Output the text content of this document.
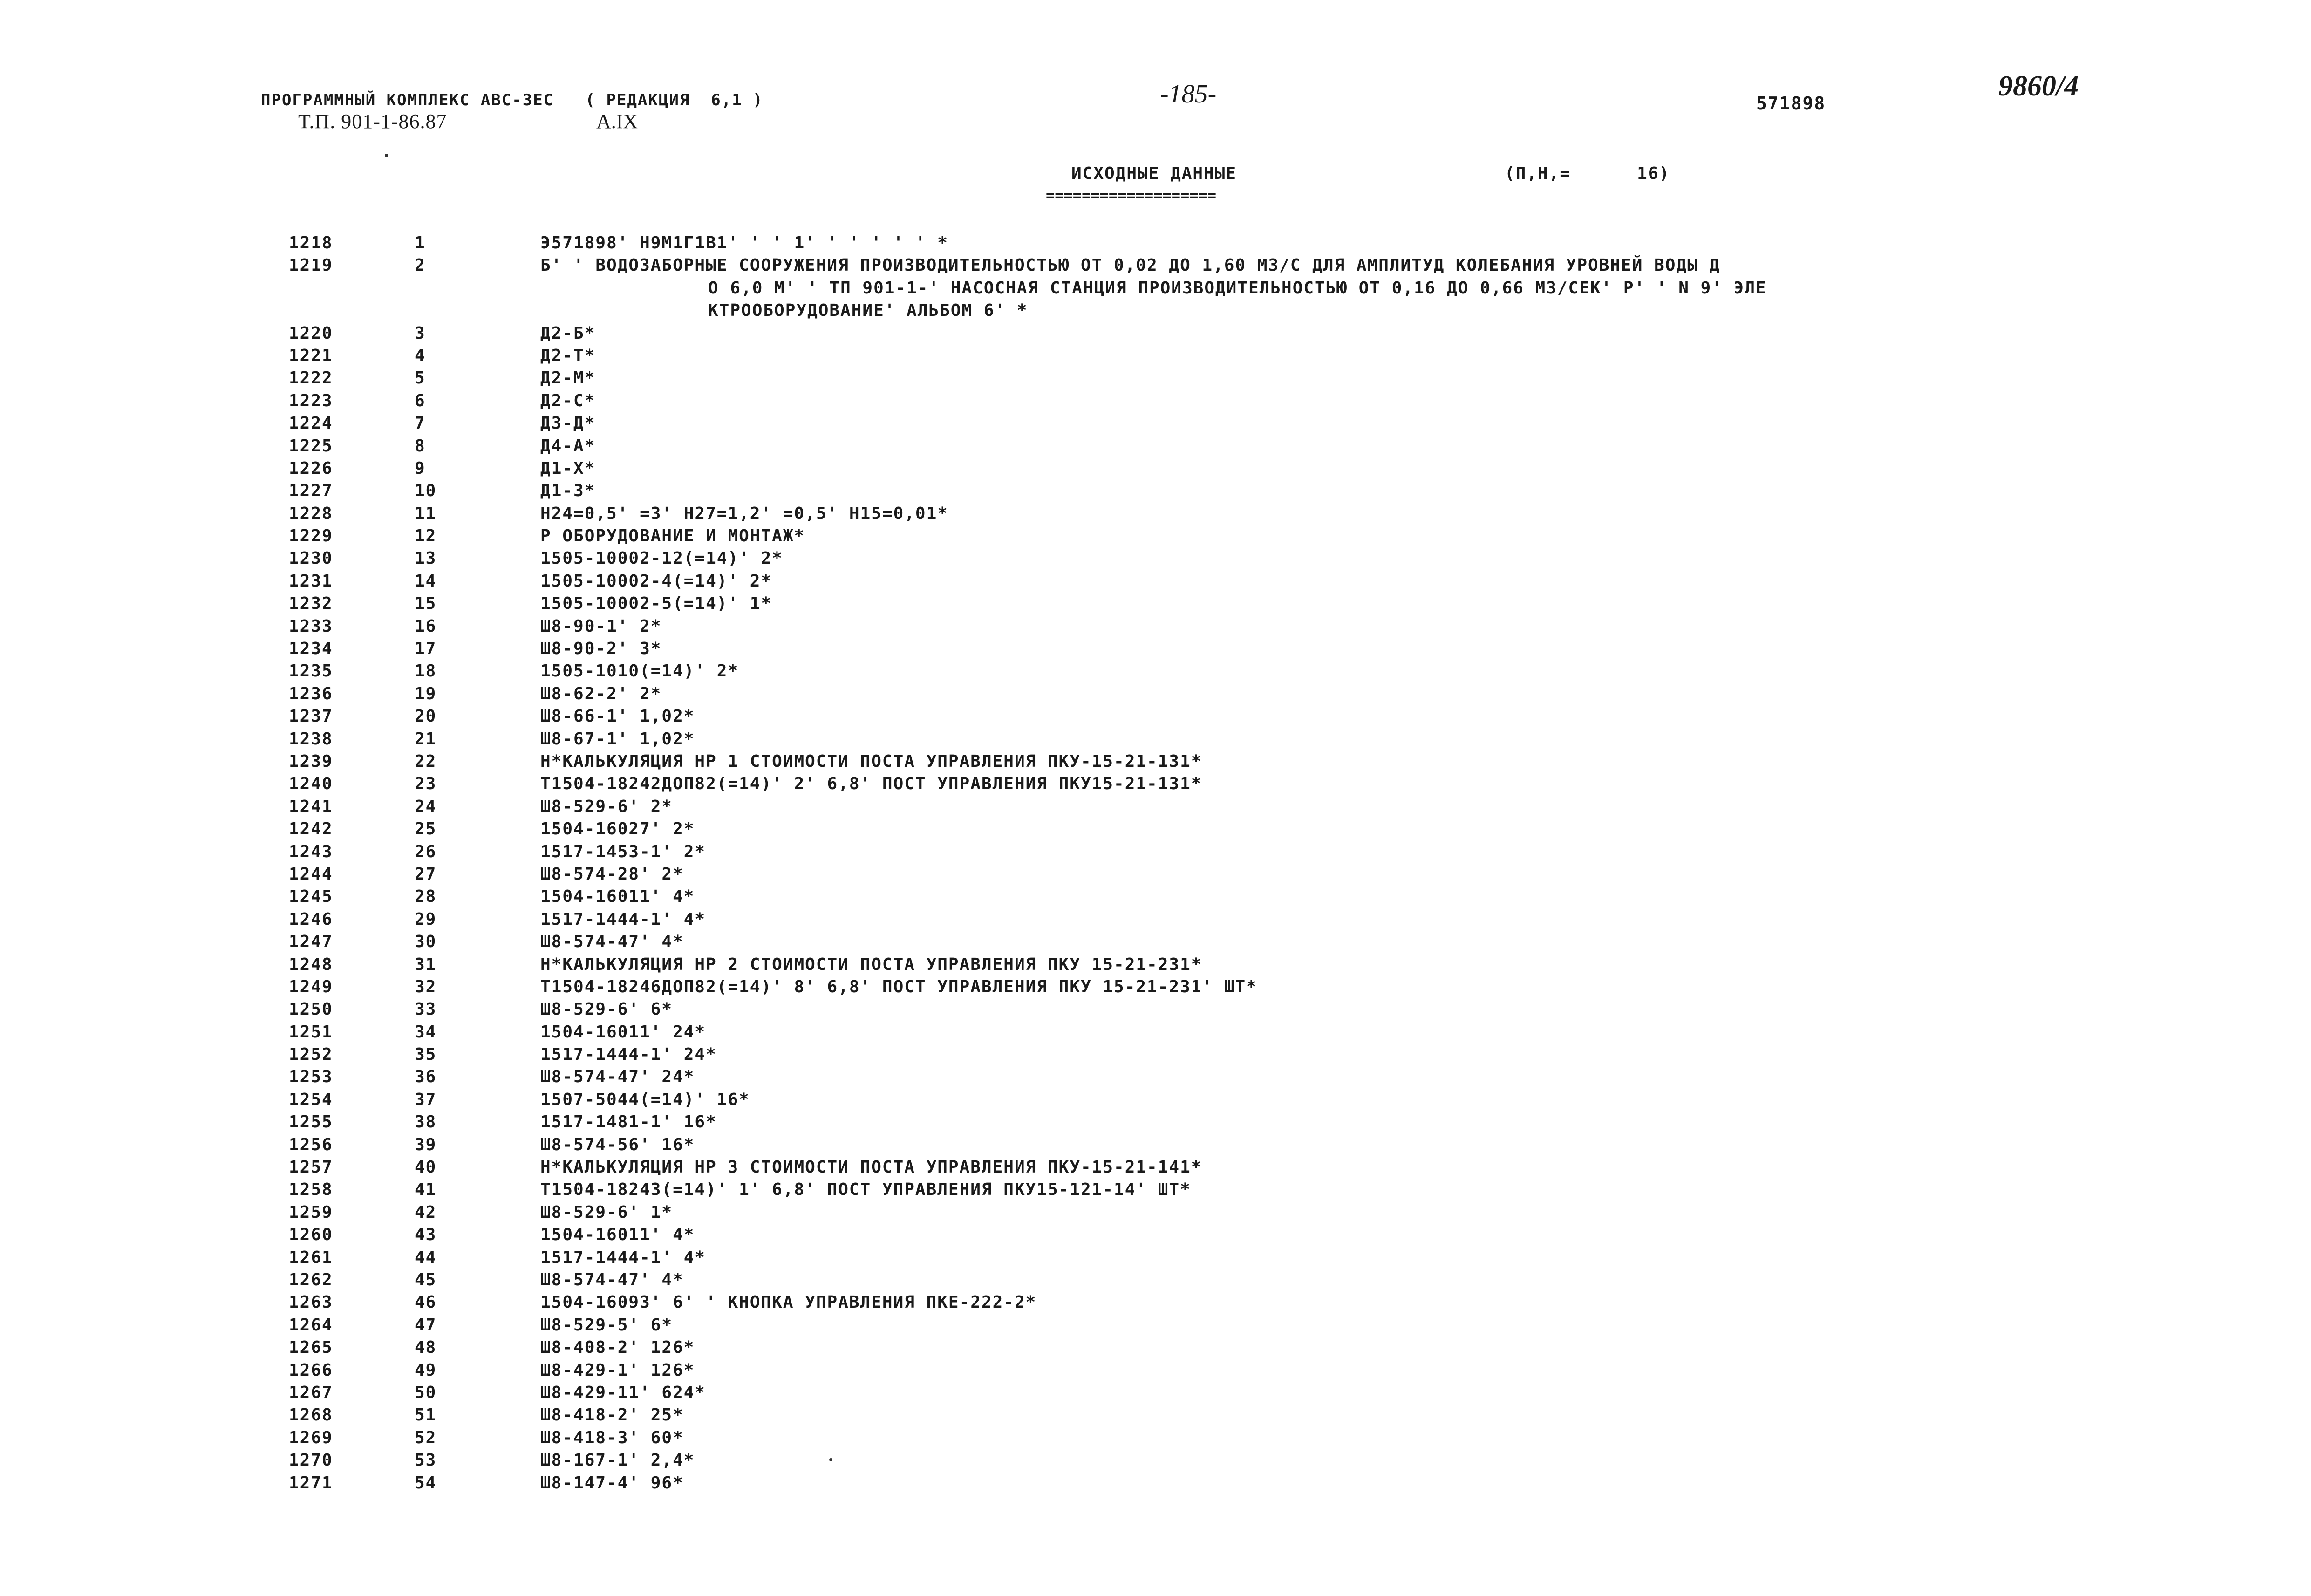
ПРОГРАММНЫЙ КОМПЛЕКС АВС-3ЕС   ( РЕДАКЦИЯ  6,1 )
Т.П. 901-1-86.87	А.IX
-185-	571898
9860/4
ИСХОДНЫЕ ДАННЫЕ
===================
(П,Н,=      16)
1218	1	Э571898' Н9М1Г1В1' ' ' 1' ' ' ' ' ' *
1219	2	Б' ' ВОДОЗАБОРНЫЕ СООРУЖЕНИЯ ПРОИЗВОДИТЕЛЬНОСТЬЮ ОТ 0,02 ДО 1,60 М3/С ДЛЯ АМПЛИТУД КОЛЕБАНИЯ УРОВНЕЙ ВОДЫ Д
О 6,0 М' ' ТП 901-1-' НАСОСНАЯ СТАНЦИЯ ПРОИЗВОДИТЕЛЬНОСТЬЮ ОТ 0,16 ДО 0,66 М3/СЕК' Р' ' N 9' ЭЛЕ
КТРООБОРУДОВАНИЕ' АЛЬБОМ 6' *
1220	3	Д2-Б*
1221	4	Д2-Т*
1222	5	Д2-М*
1223	6	Д2-С*
1224	7	Д3-Д*
1225	8	Д4-А*
1226	9	Д1-Х*
1227	10	Д1-3*
1228	11	Н24=0,5' =3' Н27=1,2' =0,5' Н15=0,01*
1229	12	Р ОБОРУДОВАНИЕ И МОНТАЖ*
1230	13	1505-10002-12(=14)' 2*
1231	14	1505-10002-4(=14)' 2*
1232	15	1505-10002-5(=14)' 1*
1233	16	Ш8-90-1' 2*
1234	17	Ш8-90-2' 3*
1235	18	1505-1010(=14)' 2*
1236	19	Ш8-62-2' 2*
1237	20	Ш8-66-1' 1,02*
1238	21	Ш8-67-1' 1,02*
1239	22	Н*КАЛЬКУЛЯЦИЯ НР 1 СТОИМОСТИ ПОСТА УПРАВЛЕНИЯ ПКУ-15-21-131*
1240	23	Т1504-18242ДОП82(=14)' 2' 6,8' ПОСТ УПРАВЛЕНИЯ ПКУ15-21-131*
1241	24	Ш8-529-6' 2*
1242	25	1504-16027' 2*
1243	26	1517-1453-1' 2*
1244	27	Ш8-574-28' 2*
1245	28	1504-16011' 4*
1246	29	1517-1444-1' 4*
1247	30	Ш8-574-47' 4*
1248	31	Н*КАЛЬКУЛЯЦИЯ НР 2 СТОИМОСТИ ПОСТА УПРАВЛЕНИЯ ПКУ 15-21-231*
1249	32	Т1504-18246ДОП82(=14)' 8' 6,8' ПОСТ УПРАВЛЕНИЯ ПКУ 15-21-231' ШТ*
1250	33	Ш8-529-6' 6*
1251	34	1504-16011' 24*
1252	35	1517-1444-1' 24*
1253	36	Ш8-574-47' 24*
1254	37	1507-5044(=14)' 16*
1255	38	1517-1481-1' 16*
1256	39	Ш8-574-56' 16*
1257	40	Н*КАЛЬКУЛЯЦИЯ НР 3 СТОИМОСТИ ПОСТА УПРАВЛЕНИЯ ПКУ-15-21-141*
1258	41	Т1504-18243(=14)' 1' 6,8' ПОСТ УПРАВЛЕНИЯ ПКУ15-121-14' ШТ*
1259	42	Ш8-529-6' 1*
1260	43	1504-16011' 4*
1261	44	1517-1444-1' 4*
1262	45	Ш8-574-47' 4*
1263	46	1504-16093' 6' ' КНОПКА УПРАВЛЕНИЯ ПКЕ-222-2*
1264	47	Ш8-529-5' 6*
1265	48	Ш8-408-2' 126*
1266	49	Ш8-429-1' 126*
1267	50	Ш8-429-11' 624*
1268	51	Ш8-418-2' 25*
1269	52	Ш8-418-3' 60*
1270	53	Ш8-167-1' 2,4*
1271	54	Ш8-147-4' 96*
